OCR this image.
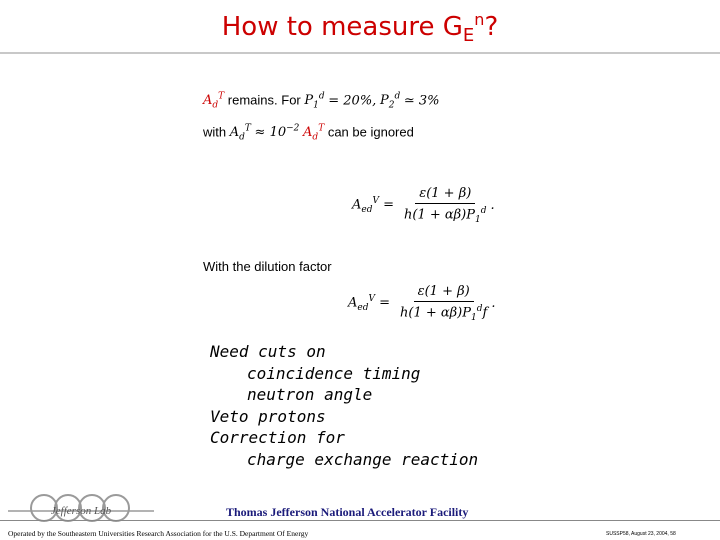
How to measure $G_E^n$?
$A_d^T$ remains. For $P_1^d = 20\%$, $P_2^d$ ≃ 3%
with $A_d^T \approx 10^{-2}$ $A_d^T$ can be ignored
$A_{ed}^V = \frac{\varepsilon(1 + \beta)}{h(1 + \alpha\beta)P_1^d}$ .
With the dilution factor
$A_{ed}^V = \frac{\varepsilon(1 + \beta)}{h(1 + \alpha\beta)P_1^df}$ .
Need cuts on
coincidence timing
neutron angle
Veto protons
Correction for
charge exchange reaction
Jefferson Lab	Thomas Jefferson National Accelerator Facility
Operated by the Southeastern Universities Research Association for the U.S. Department Of Energy	SUSSP58, August 23, 2004, 58
